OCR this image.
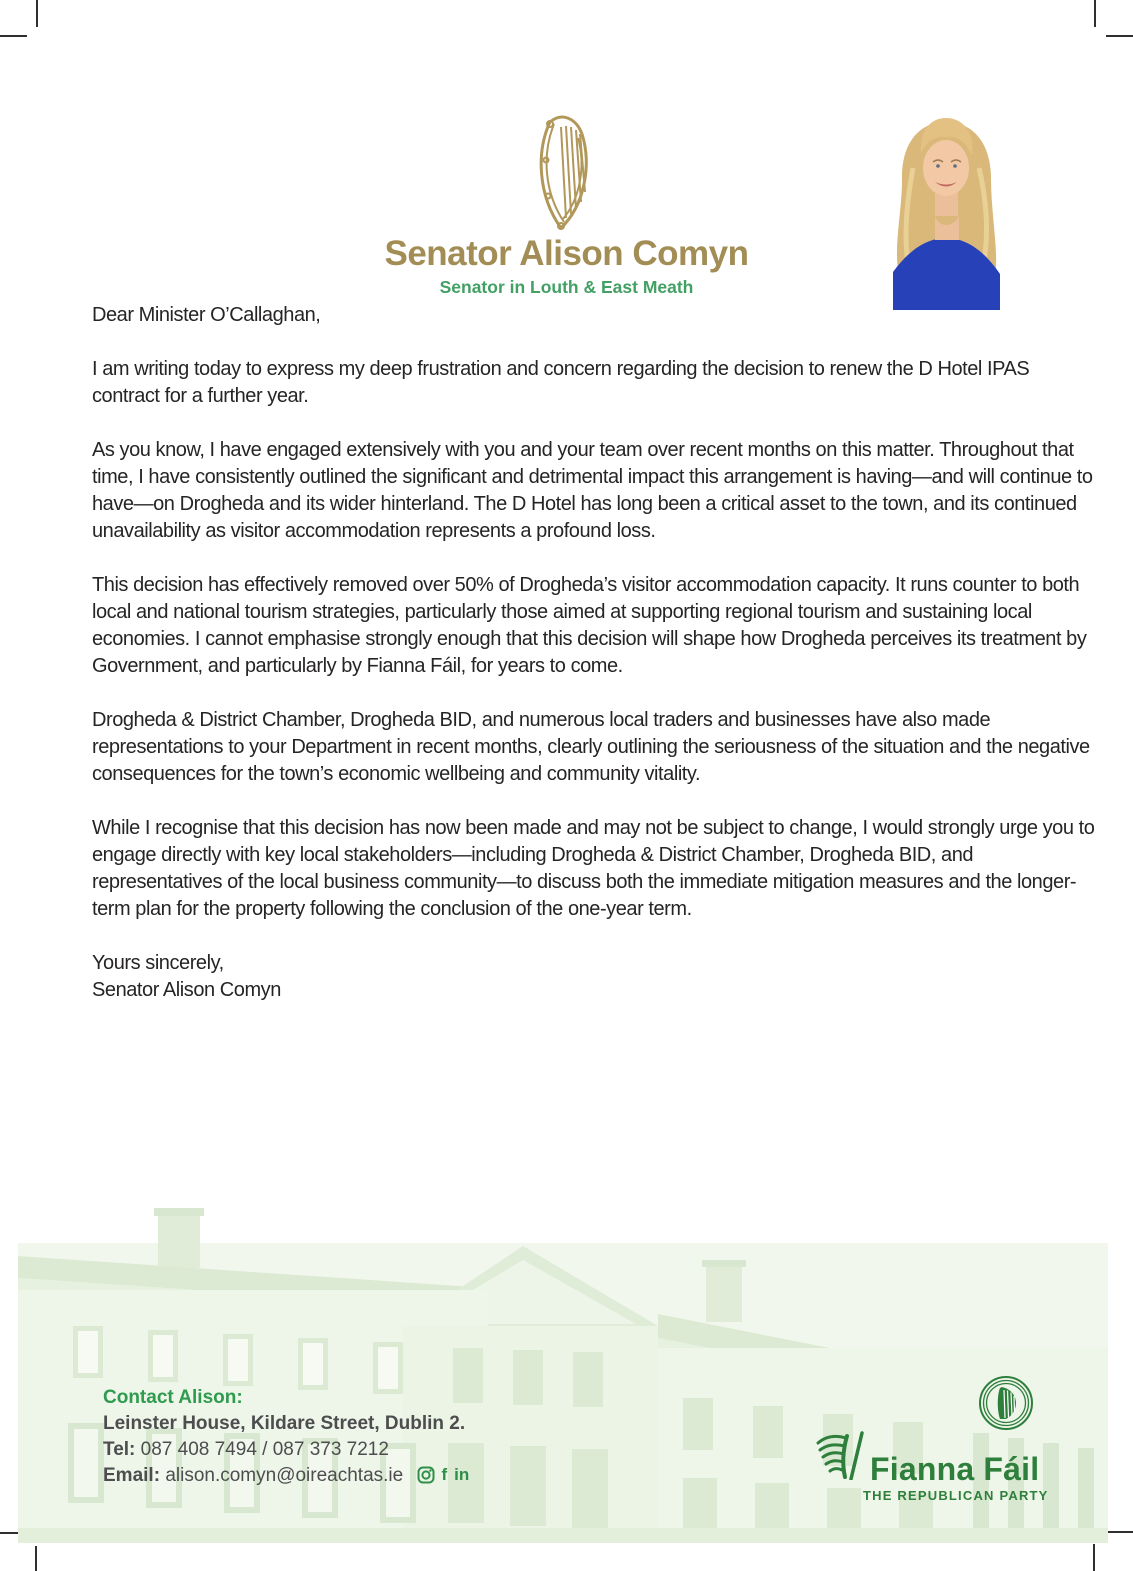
Senator Alison Comyn
Senator in Louth & East Meath

Dear Minister O’Callaghan,

I am writing today to express my deep frustration and concern regarding the decision to renew the D Hotel IPAS contract for a further year.

As you know, I have engaged extensively with you and your team over recent months on this matter. Throughout that time, I have consistently outlined the significant and detrimental impact this arrangement is having—and will continue to have—on Drogheda and its wider hinterland. The D Hotel has long been a critical asset to the town, and its continued unavailability as visitor accommodation represents a profound loss.

This decision has effectively removed over 50% of Drogheda’s visitor accommodation capacity. It runs counter to both local and national tourism strategies, particularly those aimed at supporting regional tourism and sustaining local economies. I cannot emphasise strongly enough that this decision will shape how Drogheda perceives its treatment by Government, and particularly by Fianna Fáil, for years to come.

Drogheda & District Chamber, Drogheda BID, and numerous local traders and businesses have also made representations to your Department in recent months, clearly outlining the seriousness of the situation and the negative consequences for the town’s economic wellbeing and community vitality.

While I recognise that this decision has now been made and may not be subject to change, I would strongly urge you to engage directly with key local stakeholders—including Drogheda & District Chamber, Drogheda BID, and representatives of the local business community—to discuss both the immediate mitigation measures and the longer-term plan for the property following the conclusion of the one-year term.

Yours sincerely,

Senator Alison Comyn

Contact Alison:
Leinster House, Kildare Street, Dublin 2.
Tel: 087 408 7494 / 087 373 7212
Email: alison.comyn@oireachtas.ie f in	Fianna Fáil
THE REPUBLICAN PARTY
